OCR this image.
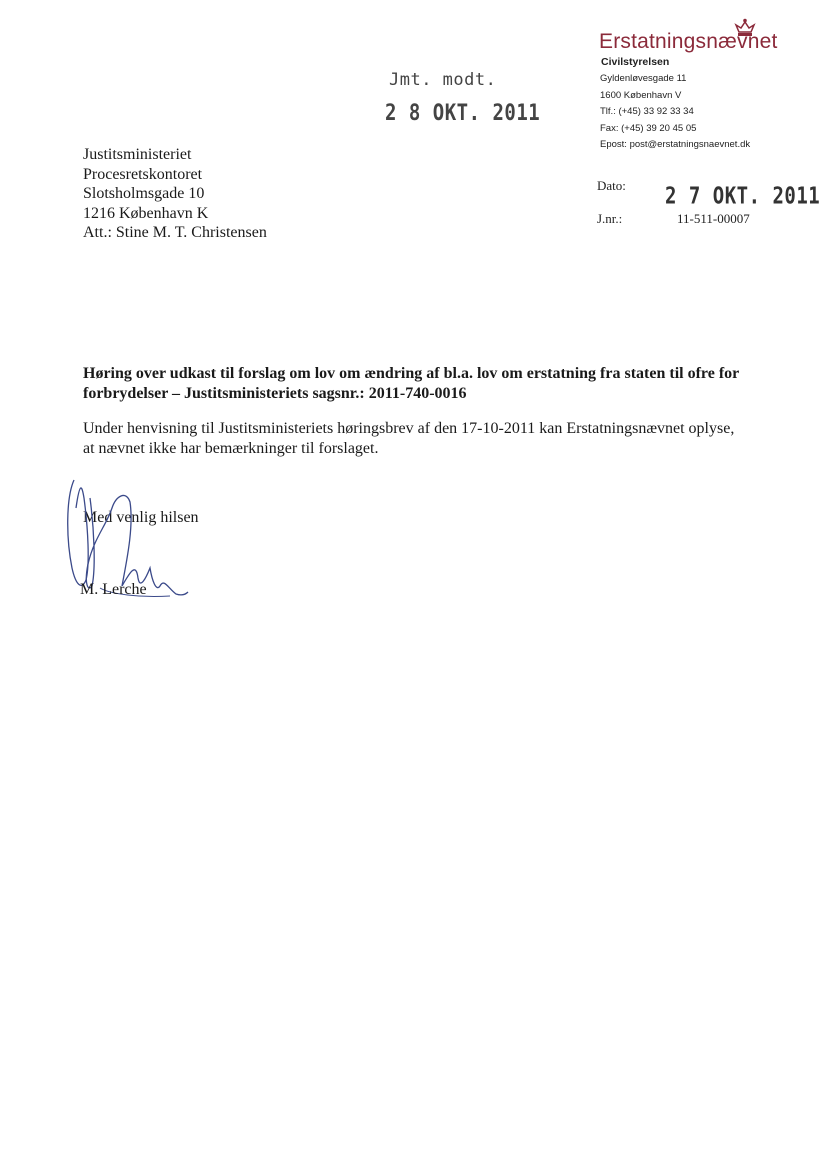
Erstatningsnævnet
Civilstyrelsen
Gyldenløvesgade 11
1600 København V
Tlf.: (+45) 33 92 33 34
Fax: (+45) 39 20 45 05
Epost: post@erstatningsnaevnet.dk
Jmt. modt.
2 8 OKT. 2011
Justitsministeriet
Procesretskontoret
Slotsholmsgade 10
1216 København K
Att.: Stine M. T. Christensen
Dato: 2 7 OKT. 2011
J.nr.:	11-511-00007
Høring over udkast til forslag om lov om ændring af bl.a. lov om erstatning fra staten til ofre for forbrydelser – Justitsministeriets sagsnr.: 2011-740-0016
Under henvisning til Justitsministeriets høringsbrev af den 17-10-2011 kan Erstatningsnævnet oplyse, at nævnet ikke har bemærkninger til forslaget.
Med venlig hilsen
M. Lerche
